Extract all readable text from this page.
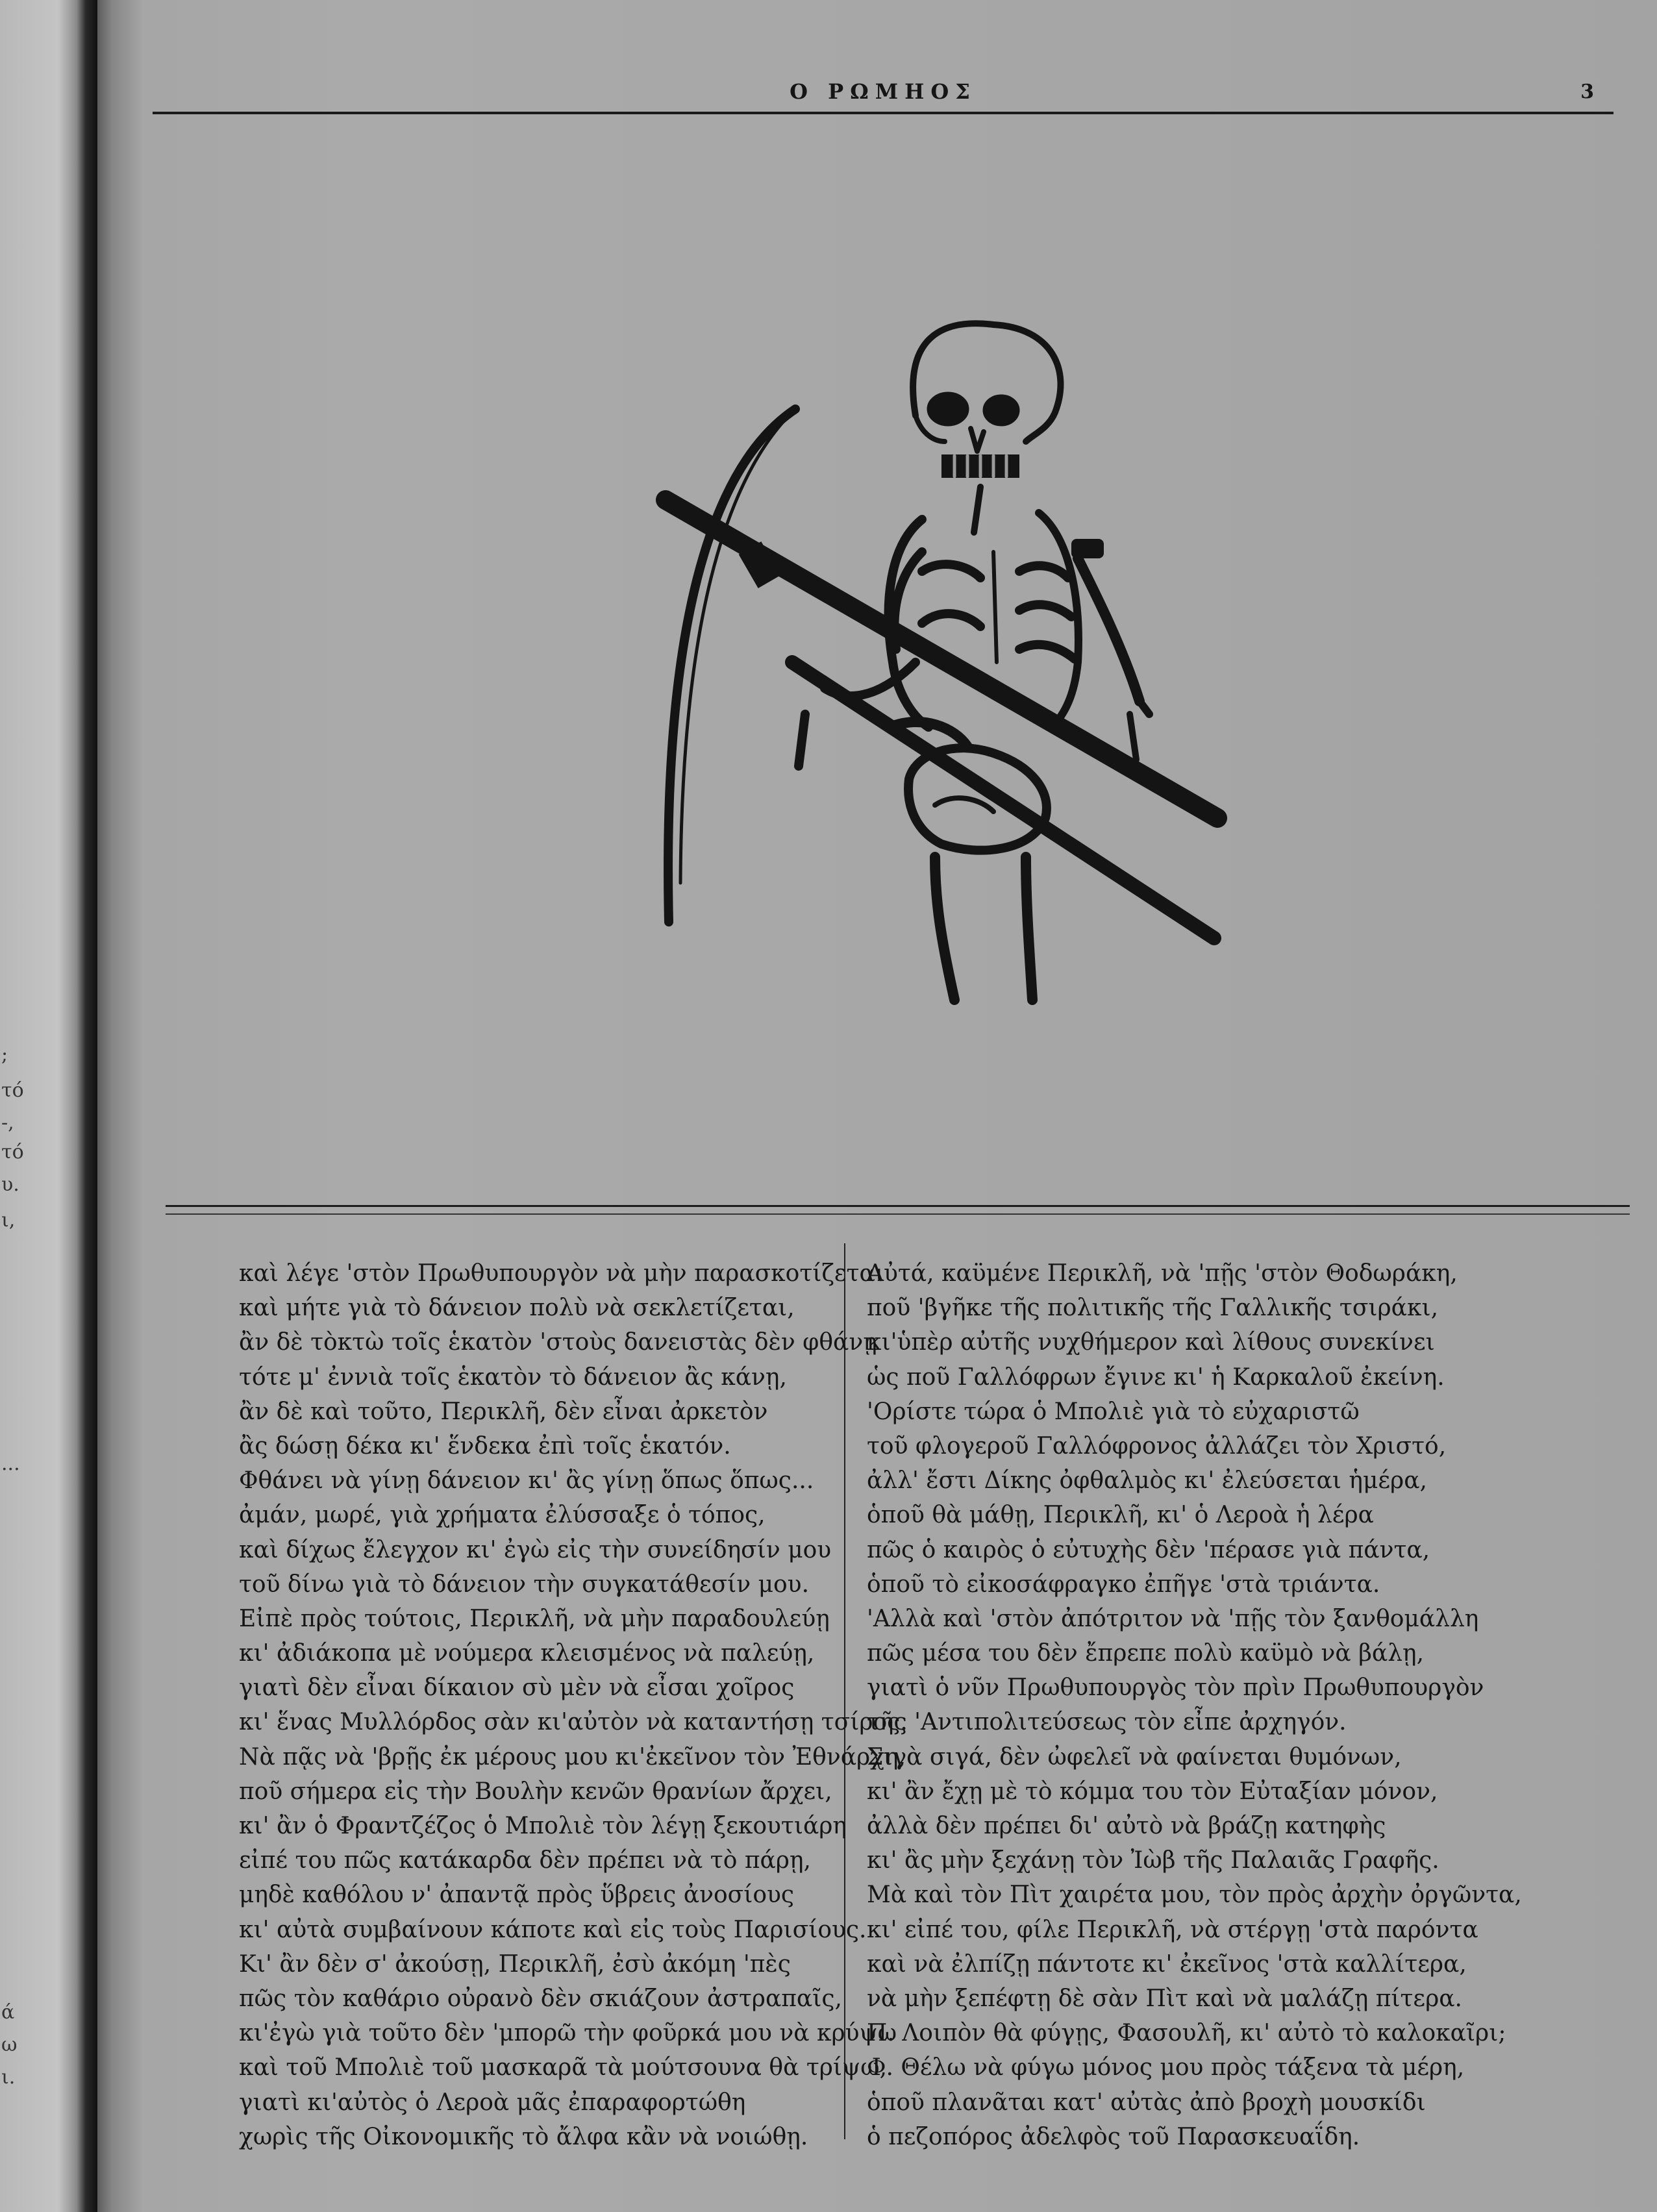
;
τό
-,
τό
υ.
ι,
...
ά
ω
ι.
Ο ΡΩΜΗΟΣ	3
καὶ λέγε 'στὸν Πρωθυπουργὸν νὰ μὴν παρασκοτίζεται
καὶ μήτε γιὰ τὸ δάνειον πολὺ νὰ σεκλετίζεται,
ἂν δὲ τὸκτὼ τοῖς ἑκατὸν 'στοὺς δανειστὰς δὲν φθάνῃ
τότε μ' ἐννιὰ τοῖς ἑκατὸν τὸ δάνειον ἂς κάνῃ,
ἂν δὲ καὶ τοῦτο, Περικλῆ, δὲν εἶναι ἀρκετὸν
ἂς δώσῃ δέκα κι' ἕνδεκα ἐπὶ τοῖς ἑκατόν.
Φθάνει νὰ γίνῃ δάνειον κι' ἂς γίνῃ ὅπως ὅπως...
ἀμάν, μωρέ, γιὰ χρήματα ἐλύσσαξε ὁ τόπος,
καὶ δίχως ἔλεγχον κι' ἐγὼ εἰς τὴν συνείδησίν μου
τοῦ δίνω γιὰ τὸ δάνειον τὴν συγκατάθεσίν μου.
Εἰπὲ πρὸς τούτοις, Περικλῆ, νὰ μὴν παραδουλεύῃ
κι' ἀδιάκοπα μὲ νούμερα κλεισμένος νὰ παλεύῃ,
γιατὶ δὲν εἶναι δίκαιον σὺ μὲν νὰ εἶσαι χοῖρος
κι' ἕνας Μυλλόρδος σὰν κι'αὐτὸν νὰ καταντήσῃ τσίρος.
Νὰ πᾷς νὰ 'βρῇς ἐκ μέρους μου κι'ἐκεῖνον τὸν Ἐθνάρχη,
ποῦ σήμερα εἰς τὴν Βουλὴν κενῶν θρανίων ἄρχει,
κι' ἂν ὁ Φραντζέζος ὁ Μπολιὲ τὸν λέγῃ ξεκουτιάρη
εἰπέ του πῶς κατάκαρδα δὲν πρέπει νὰ τὸ πάρῃ,
μηδὲ καθόλου ν' ἀπαντᾷ πρὸς ὕβρεις ἀνοσίους
κι' αὐτὰ συμβαίνουν κάποτε καὶ εἰς τοὺς Παρισίους.
Κι' ἂν δὲν σ' ἀκούσῃ, Περικλῆ, ἐσὺ ἀκόμη 'πὲς
πῶς τὸν καθάριο οὐρανὸ δὲν σκιάζουν ἀστραπαῖς,
κι'ἐγὼ γιὰ τοῦτο δὲν 'μπορῶ τὴν φοῦρκά μου νὰ κρύψω
καὶ τοῦ Μπολιὲ τοῦ μασκαρᾶ τὰ μούτσουνα θὰ τρίψω,
γιατὶ κι'αὐτὸς ὁ Λεροὰ μᾶς ἐπαραφορτώθη
χωρὶς τῆς Οἰκονομικῆς τὸ ἄλφα κἂν νὰ νοιώθῃ.
Αὐτά, καϋμένε Περικλῆ, νὰ 'πῇς 'στὸν Θοδωράκη,
ποῦ 'βγῆκε τῆς πολιτικῆς τῆς Γαλλικῆς τσιράκι,
κι'ὑπὲρ αὐτῆς νυχθήμερον καὶ λίθους συνεκίνει
ὡς ποῦ Γαλλόφρων ἔγινε κι' ἡ Καρκαλοῦ ἐκείνη.
'Ορίστε τώρα ὁ Μπολιὲ γιὰ τὸ εὐχαριστῶ
τοῦ φλογεροῦ Γαλλόφρονος ἀλλάζει τὸν Χριστό,
ἀλλ' ἔστι Δίκης ὀφθαλμὸς κι' ἐλεύσεται ἡμέρα,
ὁποῦ θὰ μάθῃ, Περικλῆ, κι' ὁ Λεροὰ ἡ λέρα
πῶς ὁ καιρὸς ὁ εὐτυχὴς δὲν 'πέρασε γιὰ πάντα,
ὁποῦ τὸ εἰκοσάφραγκο ἐπῆγε 'στὰ τριάντα.
'Αλλὰ καὶ 'στὸν ἀπότριτον νὰ 'πῇς τὸν ξανθομάλλη
πῶς μέσα του δὲν ἔπρεπε πολὺ καϋμὸ νὰ βάλῃ,
γιατὶ ὁ νῦν Πρωθυπουργὸς τὸν πρὶν Πρωθυπουργὸν
τῆς 'Αντιπολιτεύσεως τὸν εἶπε ἀρχηγόν.
Σιγὰ σιγά, δὲν ὠφελεῖ νὰ φαίνεται θυμόνων,
κι' ἂν ἔχῃ μὲ τὸ κόμμα του τὸν Εὐταξίαν μόνον,
ἀλλὰ δὲν πρέπει δι' αὐτὸ νὰ βράζῃ κατηφὴς
κι' ἂς μὴν ξεχάνῃ τὸν Ἰὼβ τῆς Παλαιᾶς Γραφῆς.
Μὰ καὶ τὸν Πὶτ χαιρέτα μου, τὸν πρὸς ἀρχὴν ὀργῶντα,
κι' εἰπέ του, φίλε Περικλῆ, νὰ στέργῃ 'στὰ παρόντα
καὶ νὰ ἐλπίζῃ πάντοτε κι' ἐκεῖνος 'στὰ καλλίτερα,
νὰ μὴν ξεπέφτῃ δὲ σὰν Πὶτ καὶ νὰ μαλάζῃ πίτερα.
Π. Λοιπὸν θὰ φύγῃς, Φασουλῆ, κι' αὐτὸ τὸ καλοκαῖρι;
Φ. Θέλω νὰ φύγω μόνος μου πρὸς τάξενα τὰ μέρη,
ὁποῦ πλανᾶται κατ' αὐτὰς ἀπὸ βροχὴ μουσκίδι
ὁ πεζοπόρος ἀδελφὸς τοῦ Παρασκευαΐδη.
